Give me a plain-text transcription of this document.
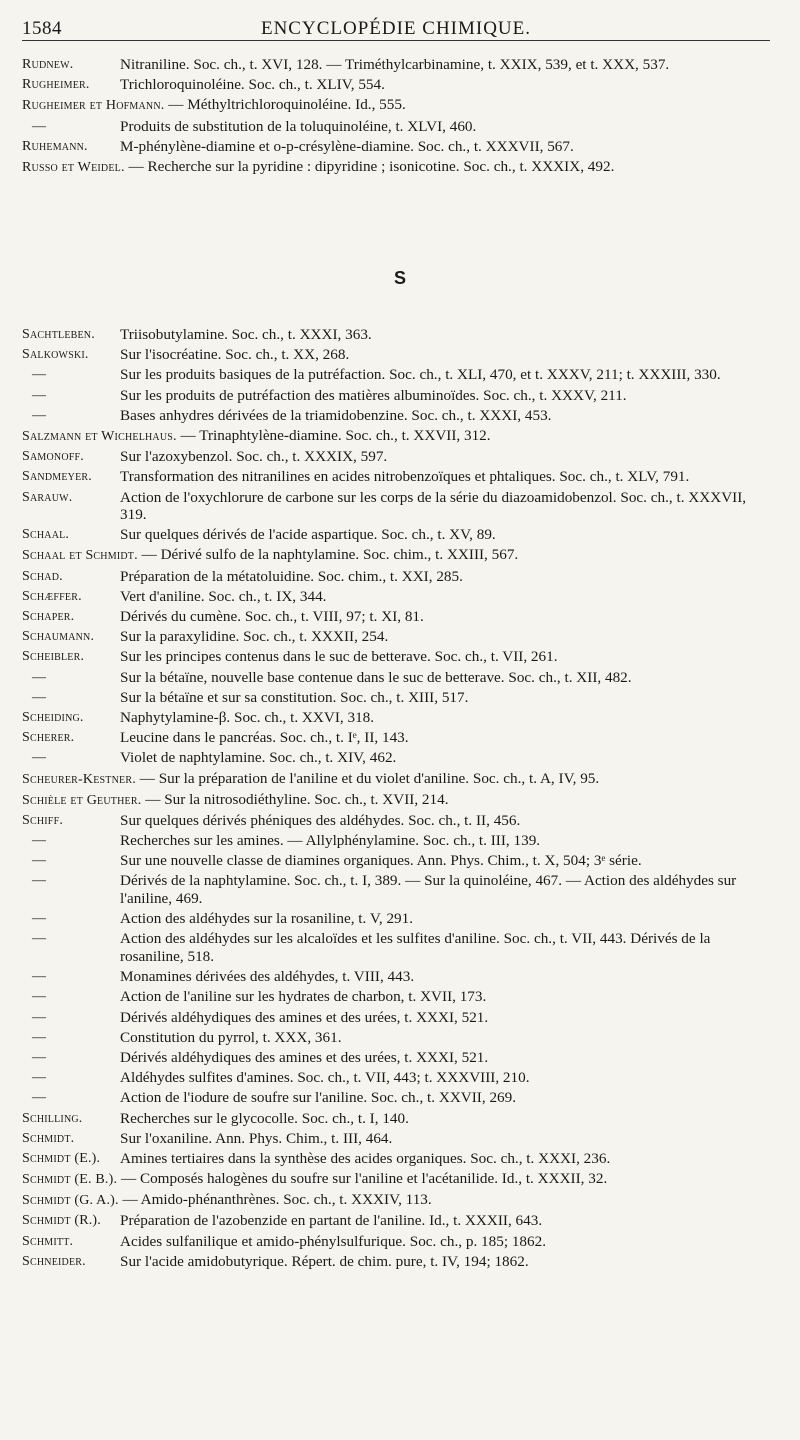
1584	ENCYCLOPÉDIE CHIMIQUE.
Rudnew.	Nitraniline. Soc. ch., t. XVI, 128. — Triméthylcarbinamine, t. XXIX, 539, et t. XXX, 537.
Rugheimer. Trichloroquinoléine. Soc. ch., t. XLIV, 554.
Rugheimer et Hofmann. — Méthyltrichloroquinoléine. Id., 555.
—	Produits de substitution de la toluquinoléine, t. XLVI, 460.
Ruhemann. M-phénylène-diamine et o-p-crésylène-diamine. Soc. ch., t. XXXVII, 567.
Russo et Weidel. — Recherche sur la pyridine : dipyridine ; isonicotine. Soc. ch., t. XXXIX, 492.
S
Sachtleben. Triisobutylamine. Soc. ch., t. XXXI, 363.
Salkowski. Sur l'isocréatine. Soc. ch., t. XX, 268.
—	Sur les produits basiques de la putréfaction. Soc. ch., t. XLI, 470, et t. XXXV, 211; t. XXXIII, 330.
—	Sur les produits de putréfaction des matières albuminoïdes. Soc. ch., t. XXXV, 211.
—	Bases anhydres dérivées de la triamidobenzine. Soc. ch., t. XXXI, 453.
Salzmann et Wichelhaus. — Trinaphtylène-diamine. Soc. ch., t. XXVII, 312.
Samonoff. Sur l'azoxybenzol. Soc. ch., t. XXXIX, 597.
Sandmeyer. Transformation des nitranilines en acides nitrobenzoïques et phtaliques. Soc. ch., t. XLV, 791.
Sarauw.	Action de l'oxychlorure de carbone sur les corps de la série du diazoamidobenzol. Soc. ch., t. XXXVII, 319.
Schaal.	Sur quelques dérivés de l'acide aspartique. Soc. ch., t. XV, 89.
Schaal et Schmidt. — Dérivé sulfo de la naphtylamine. Soc. chim., t. XXIII, 567.
Schad.	Préparation de la métatoluidine. Soc. chim., t. XXI, 285.
Schæffer.	Vert d'aniline. Soc. ch., t. IX, 344.
Schaper.	Dérivés du cumène. Soc. ch., t. VIII, 97; t. XI, 81.
Schaumann. Sur la paraxylidine. Soc. ch., t. XXXII, 254.
Scheibler. Sur les principes contenus dans le suc de betterave. Soc. ch., t. VII, 261.
—	Sur la bétaïne, nouvelle base contenue dans le suc de betterave. Soc. ch., t. XII, 482.
—	Sur la bétaïne et sur sa constitution. Soc. ch., t. XIII, 517.
Scheiding. Naphytylamine-β. Soc. ch., t. XXVI, 318.
Scherer.	Leucine dans le pancréas. Soc. ch., t. Iᵉ, II, 143.
—	Violet de naphtylamine. Soc. ch., t. XIV, 462.
Scheurer-Kestner. — Sur la préparation de l'aniline et du violet d'aniline. Soc. ch., t. A, IV, 95.
Schièle et Geuther. — Sur la nitrosodiéthyline. Soc. ch., t. XVII, 214.
Schiff.	Sur quelques dérivés phéniques des aldéhydes. Soc. ch., t. II, 456.
—	Recherches sur les amines. — Allylphénylamine. Soc. ch., t. III, 139.
—	Sur une nouvelle classe de diamines organiques. Ann. Phys. Chim., t. X, 504; 3ᵉ série.
—	Dérivés de la naphtylamine. Soc. ch., t. I, 389. — Sur la quinoléine, 467. — Action des aldéhydes sur l'aniline, 469.
—	Action des aldéhydes sur la rosaniline, t. V, 291.
—	Action des aldéhydes sur les alcaloïdes et les sulfites d'aniline. Soc. ch., t. VII, 443. Dérivés de la rosaniline, 518.
—	Monamines dérivées des aldéhydes, t. VIII, 443.
—	Action de l'aniline sur les hydrates de charbon, t. XVII, 173.
—	Dérivés aldéhydiques des amines et des urées, t. XXXI, 521.
—	Constitution du pyrrol, t. XXX, 361.
—	Dérivés aldéhydiques des amines et des urées, t. XXXI, 521.
—	Aldéhydes sulfites d'amines. Soc. ch., t. VII, 443; t. XXXVIII, 210.
—	Action de l'iodure de soufre sur l'aniline. Soc. ch., t. XXVII, 269.
Schilling. Recherches sur le glycocolle. Soc. ch., t. I, 140.
Schmidt.	Sur l'oxaniline. Ann. Phys. Chim., t. III, 464.
Schmidt (E.). Amines tertiaires dans la synthèse des acides organiques. Soc. ch., t. XXXI, 236.
Schmidt (E. B.). — Composés halogènes du soufre sur l'aniline et l'acétanilide. Id., t. XXXII, 32.
Schmidt (G. A.). — Amido-phénanthrènes. Soc. ch., t. XXXIV, 113.
Schmidt (R.). Préparation de l'azobenzide en partant de l'aniline. Id., t. XXXII, 643.
Schmitt.	Acides sulfanilique et amido-phénylsulfurique. Soc. ch., p. 185; 1862.
Schneider. Sur l'acide amidobutyrique. Répert. de chim. pure, t. IV, 194; 1862.
